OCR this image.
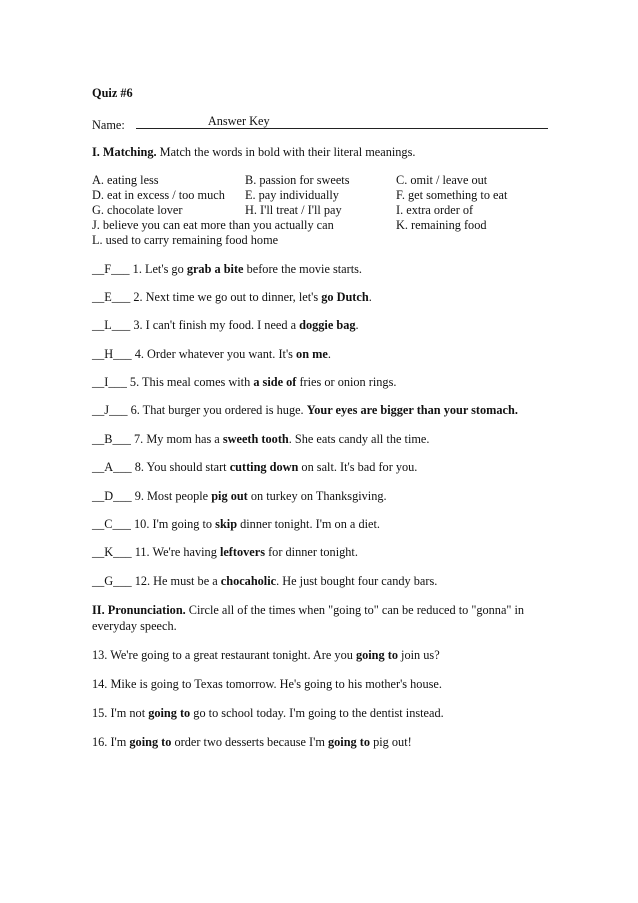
Quiz #6
Name:	Answer Key
I. Matching. Match the words in bold with their literal meanings.
A. eating less	B. passion for sweets	C. omit / leave out
D. eat in excess / too much E. pay individually	F. get something to eat
G. chocolate lover	H. I'll treat / I'll pay	I. extra order of
J. believe you can eat more than you actually can	K. remaining food
L. used to carry remaining food home
__F___ 1. Let's go grab a bite before the movie starts.
__E___ 2. Next time we go out to dinner, let's go Dutch.
__L___ 3. I can't finish my food. I need a doggie bag.
__H___ 4. Order whatever you want. It's on me.
__I___ 5. This meal comes with a side of fries or onion rings.
__J___ 6. That burger you ordered is huge. Your eyes are bigger than your stomach.
__B___ 7. My mom has a sweeth tooth. She eats candy all the time.
__A___ 8. You should start cutting down on salt. It's bad for you.
__D___ 9. Most people pig out on turkey on Thanksgiving.
__C___ 10. I'm going to skip dinner tonight. I'm on a diet.
__K___ 11. We're having leftovers for dinner tonight.
__G___ 12. He must be a chocaholic. He just bought four candy bars.
II. Pronunciation. Circle all of the times when "going to" can be reduced to "gonna" in everyday speech.
13. We're going to a great restaurant tonight. Are you going to join us?
14. Mike is going to Texas tomorrow. He's going to his mother's house.
15. I'm not going to go to school today. I'm going to the dentist instead.
16. I'm going to order two desserts because I'm going to pig out!
